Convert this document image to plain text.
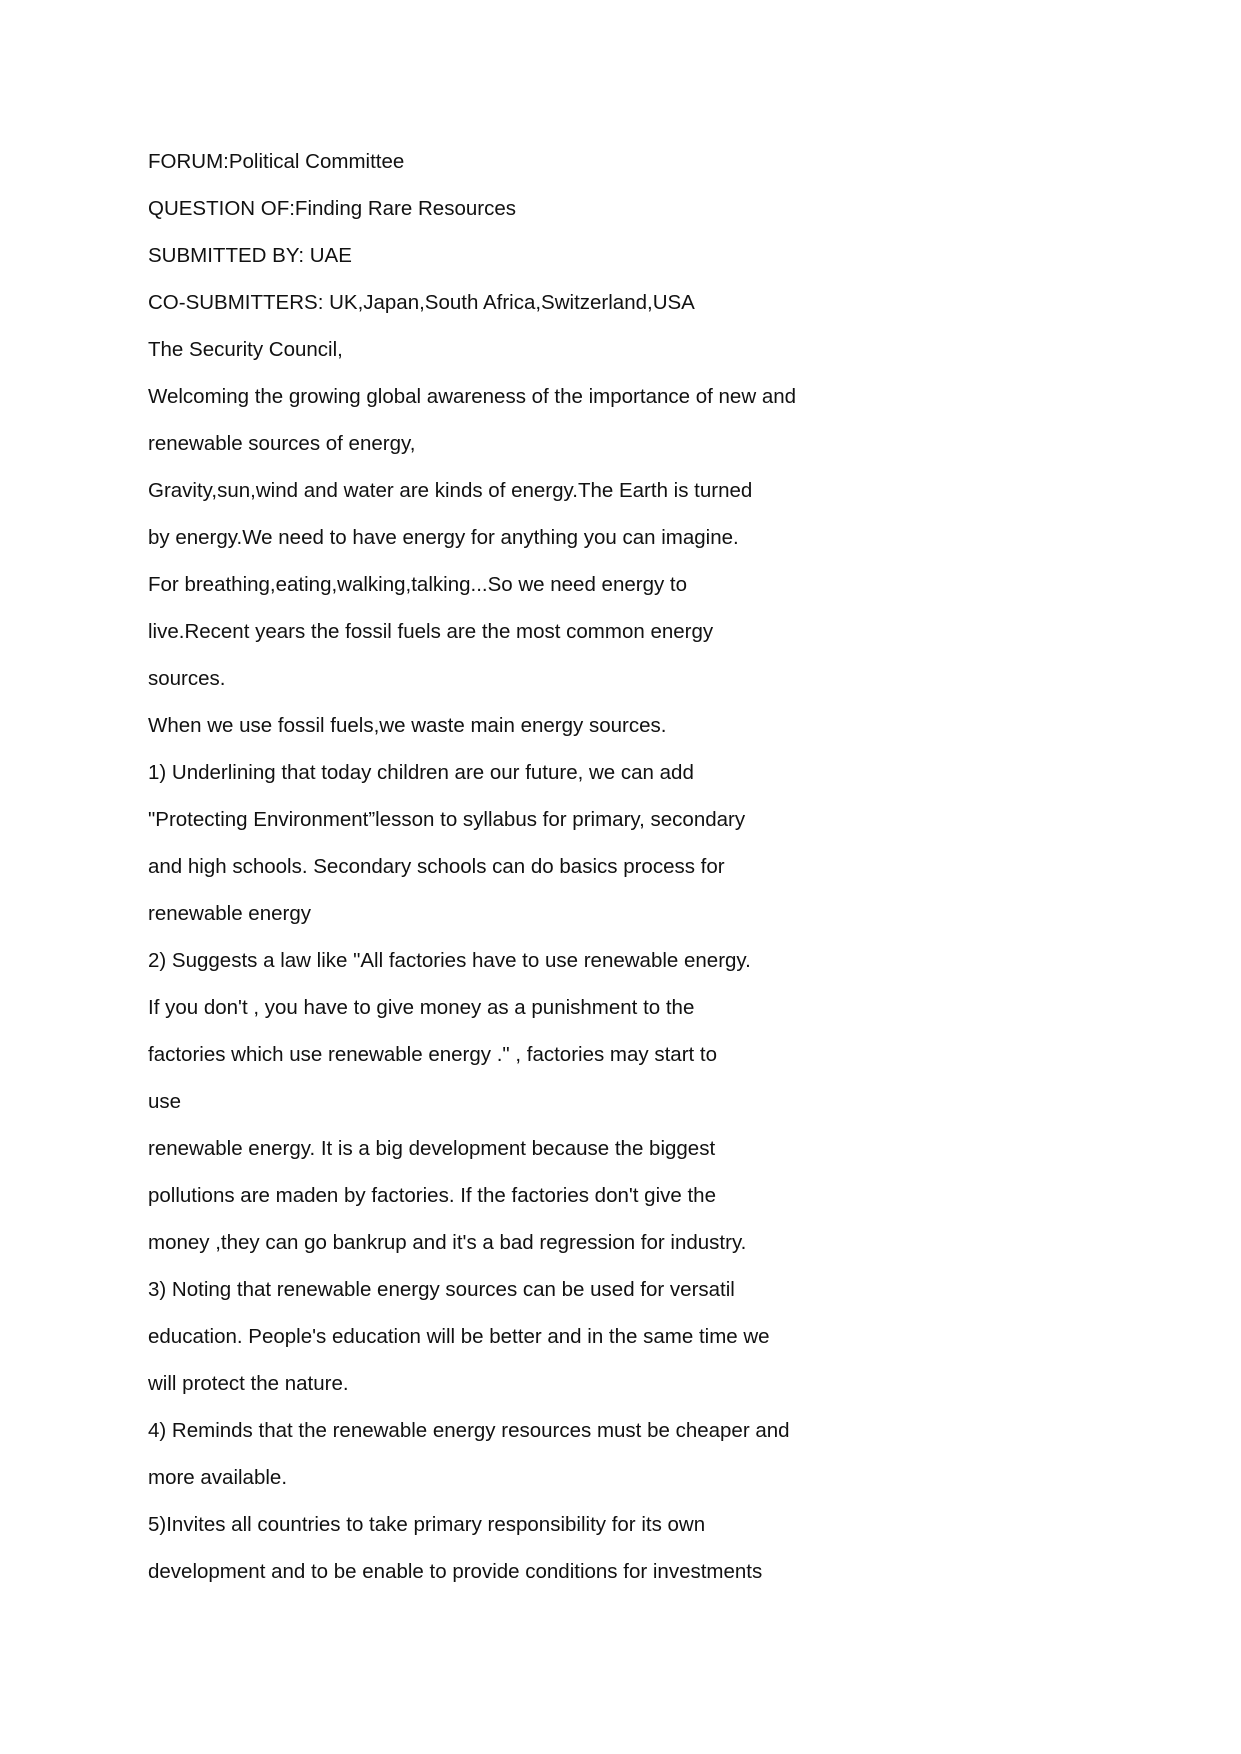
FORUM:Political Committee

QUESTION OF:Finding Rare Resources

SUBMITTED BY: UAE

CO-SUBMITTERS: UK,Japan,South Africa,Switzerland,USA

The Security Council,

Welcoming the growing global awareness of the importance of new and

renewable sources of energy,

Gravity,sun,wind and water are kinds of energy.The Earth is turned

by energy.We need to have energy for anything you can imagine.

For breathing,eating,walking,talking...So we need energy to

live.Recent years the fossil fuels are the most common energy

sources.

When we use fossil fuels,we waste main energy sources.

1) Underlining that today children are our future, we can add

"Protecting Environment”lesson to syllabus for primary, secondary

and high schools. Secondary schools can do basics process for

renewable energy

2) Suggests a law like "All factories have to use renewable energy.

If you don't , you have to give money as a punishment to the

factories which use renewable energy ." , factories may start to

use

renewable energy. It is a big development because the biggest

pollutions are maden by factories. If the factories don't give the

money ,they can go bankrup and it's a bad regression for industry.

3) Noting that renewable energy sources can be used for versatil

education. People's education will be better and in the same time we

will protect the nature.

4) Reminds that the renewable energy resources must be cheaper and

more available.

5)Invites all countries to take primary responsibility for its own

development and to be enable to provide conditions for investments
